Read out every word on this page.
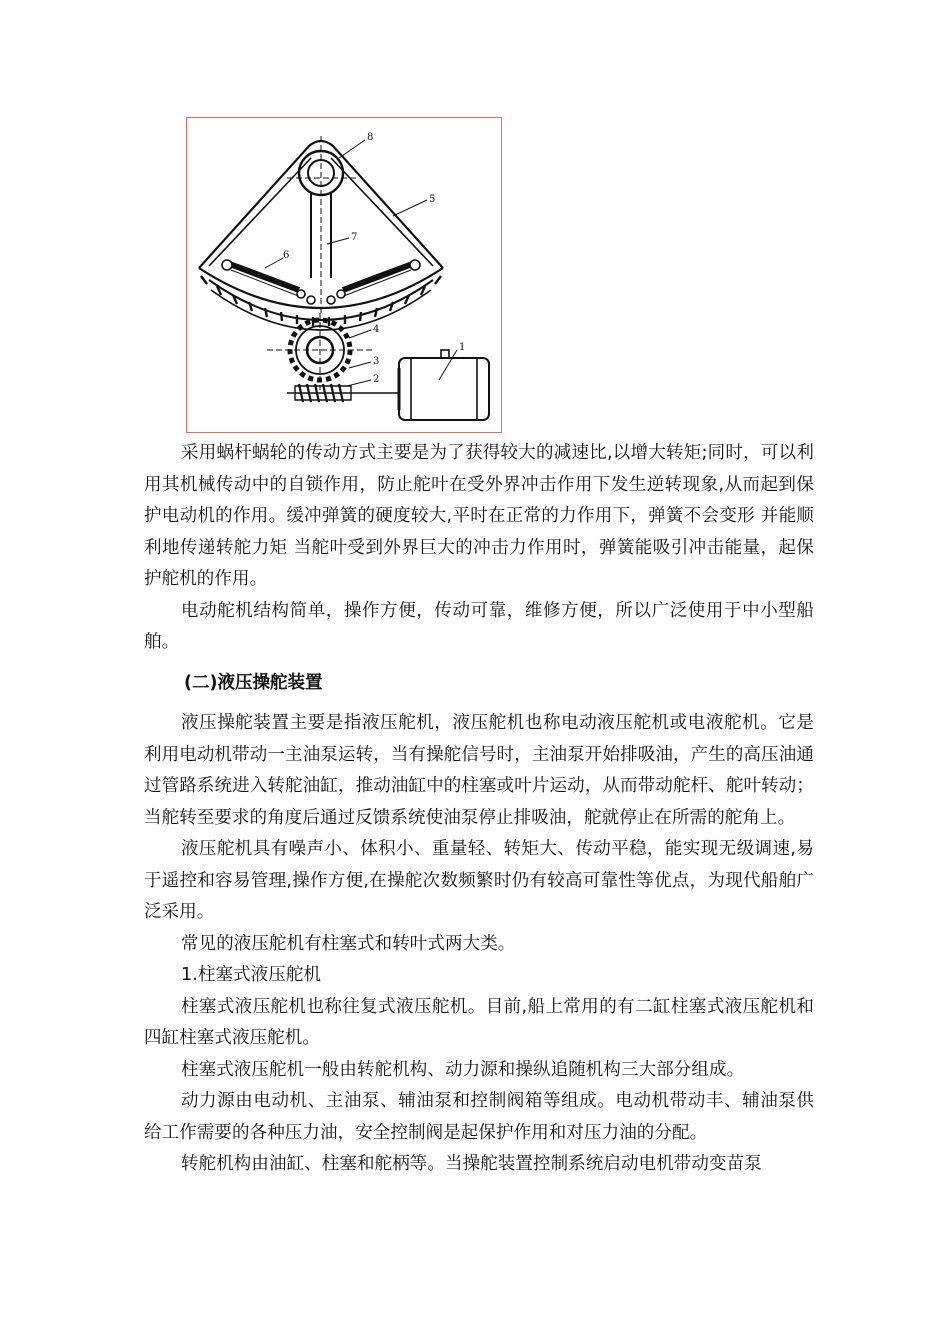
8
5
7
6
4
3
1
2

采用蜗杆蜗轮的传动方式主要是为了获得较大的减速比,以增大转矩;同时，可以利用其机械传动中的自锁作用，防止舵叶在受外界冲击作用下发生逆转现象,从而起到保护电动机的作用。缓冲弹簧的硬度较大,平时在正常的力作用下，弹簧不会变形 并能顺利地传递转舵力矩 当舵叶受到外界巨大的冲击力作用时，弹簧能吸引冲击能量，起保护舵机的作用。

电动舵机结构简单，操作方便，传动可靠，维修方便，所以广泛使用于中小型船舶。

(二)液压操舵装置

液压操舵装置主要是指液压舵机，液压舵机也称电动液压舵机或电液舵机。它是利用电动机带动一主油泵运转，当有操舵信号时，主油泵开始排吸油，产生的高压油通过管路系统进入转舵油缸，推动油缸中的柱塞或叶片运动，从而带动舵杆、舵叶转动；当舵转至要求的角度后通过反馈系统使油泵停止排吸油，舵就停止在所需的舵角上。

液压舵机具有噪声小、体积小、重量轻、转矩大、传动平稳，能实现无级调速,易于遥控和容易管理,操作方便,在操舵次数频繁时仍有较高可靠性等优点，为现代船舶广泛采用。

常见的液压舵机有柱塞式和转叶式两大类。

1.柱塞式液压舵机

柱塞式液压舵机也称往复式液压舵机。目前,船上常用的有二缸柱塞式液压舵机和四缸柱塞式液压舵机。

柱塞式液压舵机一般由转舵机构、动力源和操纵追随机构三大部分组成。

动力源由电动机、主油泵、辅油泵和控制阀箱等组成。电动机带动丰、辅油泵供给工作需要的各种压力油，安全控制阀是起保护作用和对压力油的分配。

转舵机构由油缸、柱塞和舵柄等。当操舵装置控制系统启动电机带动变苗泵
